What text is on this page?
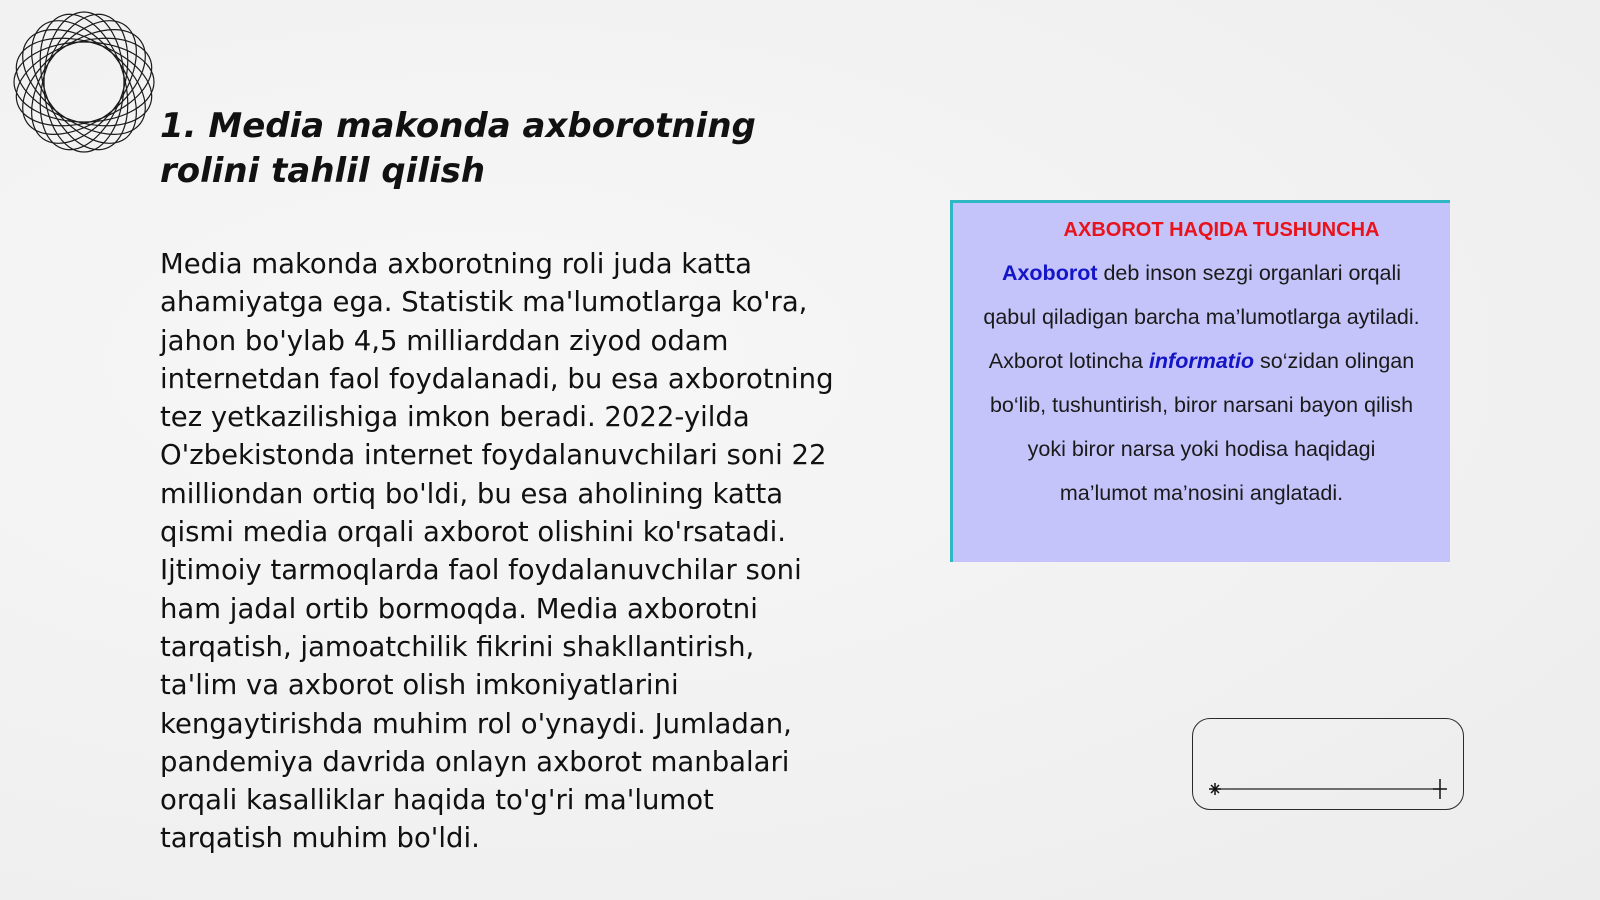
1. Media makonda axborotning rolini tahlil qilish

Media makonda axborotning roli juda katta ahamiyatga ega. Statistik ma'lumotlarga ko'ra, jahon bo'ylab 4,5 milliarddan ziyod odam internetdan faol foydalanadi, bu esa axborotning tez yetkazilishiga imkon beradi. 2022-yilda O'zbekistonda internet foydalanuvchilari soni 22 milliondan ortiq bo'ldi, bu esa aholining katta qismi media orqali axborot olishini ko'rsatadi. Ijtimoiy tarmoqlarda faol foydalanuvchilar soni ham jadal ortib bormoqda. Media axborotni tarqatish, jamoatchilik fikrini shakllantirish, ta'lim va axborot olish imkoniyatlarini kengaytirishda muhim rol o'ynaydi. Jumladan, pandemiya davrida onlayn axborot manbalari orqali kasalliklar haqida to'g'ri ma'lumot tarqatish muhim bo'ldi.

AXBOROT HAQIDA TUSHUNCHA
Axoborot deb inson sezgi organlari orqali qabul qiladigan barcha ma’lumotlarga aytiladi. Axborot lotincha informatio so‘zidan olingan bo‘lib, tushuntirish, biror narsani bayon qilish yoki biror narsa yoki hodisa haqidagi ma’lumot ma’nosini anglatadi.
